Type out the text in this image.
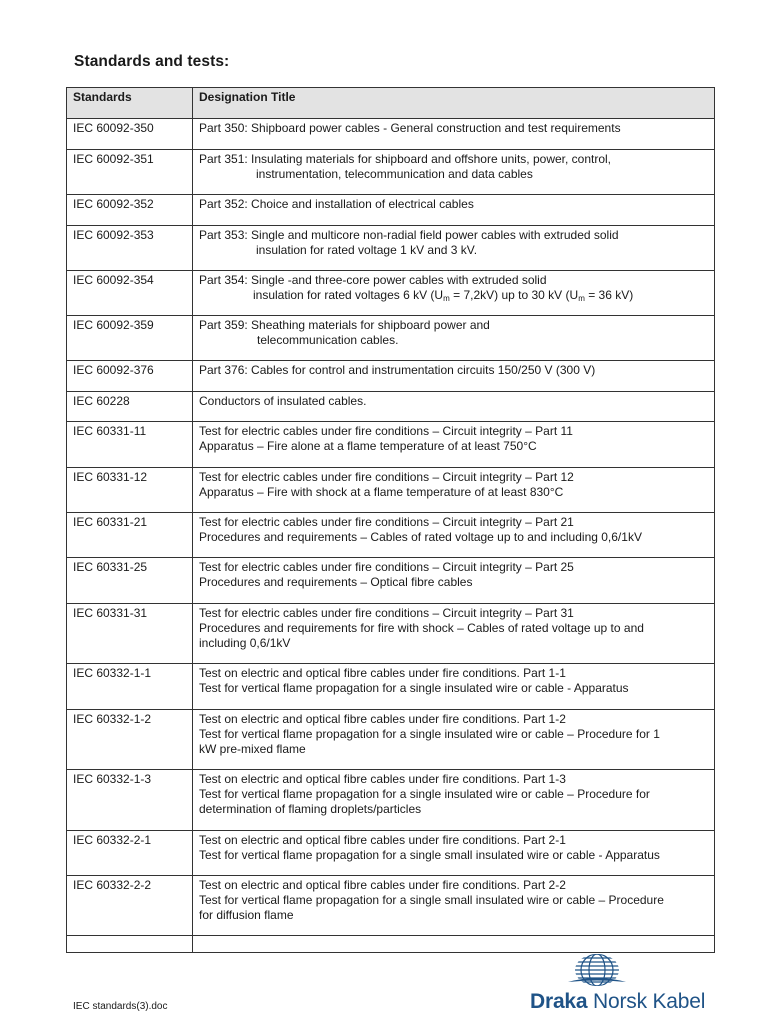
Standards and tests:
Standards	Designation Title

IEC 60092-350	Part 350: Shipboard power cables - General construction and test requirements

IEC 60092-351	Part 351: Insulating materials for shipboard and offshore units, power, control,
instrumentation, telecommunication and data cables

IEC 60092-352	Part 352: Choice and installation of electrical cables

IEC 60092-353	Part 353: Single and multicore non-radial field power cables with extruded solid
insulation for rated voltage 1 kV and 3 kV.

IEC 60092-354	Part 354: Single -and three-core power cables with extruded solid
insulation for rated voltages 6 kV $(U_m = 7,2kV)$ up to 30 kV ($U_m = 36$ kV)

IEC 60092-359	Part 359: Sheathing materials for shipboard power and
telecommunication cables.

IEC 60092-376	Part 376: Cables for control and instrumentation circuits 150/250 V (300 V)

IEC 60228	Conductors of insulated cables.

IEC 60331-11	Test for electric cables under fire conditions – Circuit integrity – Part 11
Apparatus – Fire alone at a flame temperature of at least 750°C

IEC 60331-12	Test for electric cables under fire conditions – Circuit integrity – Part 12
Apparatus – Fire with shock at a flame temperature of at least 830°C

IEC 60331-21	Test for electric cables under fire conditions – Circuit integrity – Part 21
Procedures and requirements – Cables of rated voltage up to and including 0,6/1kV

IEC 60331-25	Test for electric cables under fire conditions – Circuit integrity – Part 25
Procedures and requirements – Optical fibre cables

IEC 60331-31	Test for electric cables under fire conditions – Circuit integrity – Part 31
Procedures and requirements for fire with shock – Cables of rated voltage up to and
including 0,6/1kV

IEC 60332-1-1	Test on electric and optical fibre cables under fire conditions. Part 1-1
Test for vertical flame propagation for a single insulated wire or cable - Apparatus

IEC 60332-1-2	Test on electric and optical fibre cables under fire conditions. Part 1-2
Test for vertical flame propagation for a single insulated wire or cable – Procedure for 1
kW pre-mixed flame

IEC 60332-1-3	Test on electric and optical fibre cables under fire conditions. Part 1-3
Test for vertical flame propagation for a single insulated wire or cable – Procedure for
determination of flaming droplets/particles

IEC 60332-2-1	Test on electric and optical fibre cables under fire conditions. Part 2-1
Test for vertical flame propagation for a single small insulated wire or cable - Apparatus

IEC 60332-2-2	Test on electric and optical fibre cables under fire conditions. Part 2-2
Test for vertical flame propagation for a single small insulated wire or cable – Procedure
for diffusion flame

IEC standards(3).doc	Draka Norsk Kabel
